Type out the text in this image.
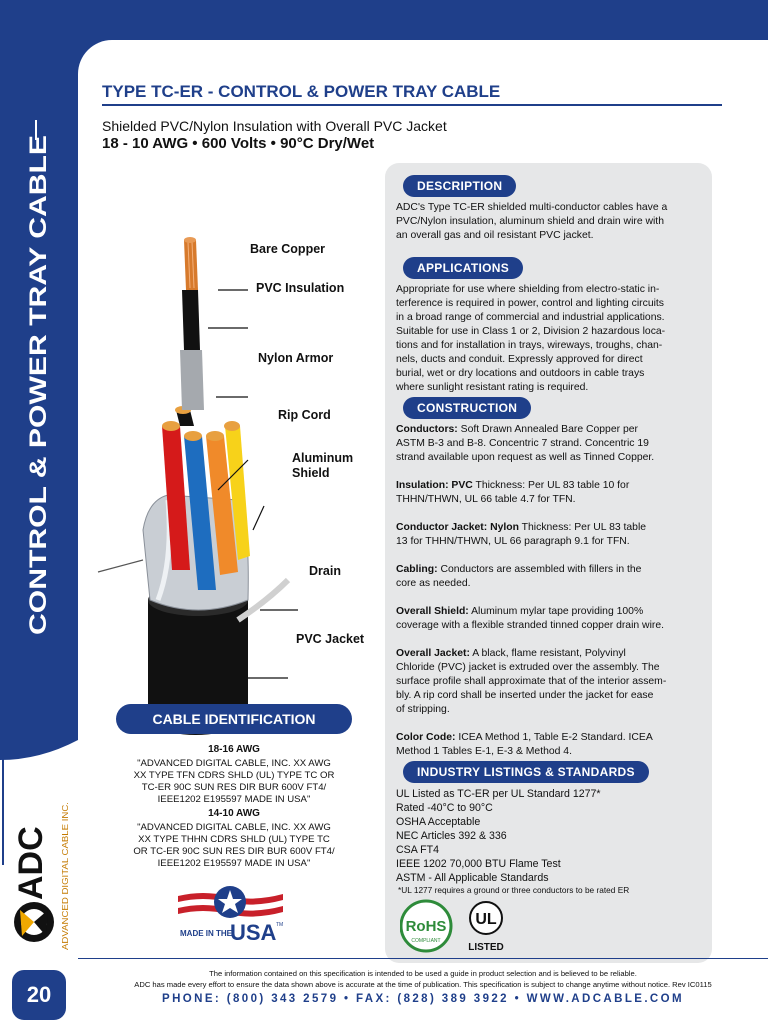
CONTROL & POWER TRAY CABLE
ADC ADVANCED DIGITAL CABLE INC.
20
TYPE TC-ER - CONTROL & POWER TRAY CABLE
Shielded PVC/Nylon Insulation with Overall PVC Jacket
18 - 10 AWG • 600 Volts • 90°C Dry/Wet
Bare Copper
PVC Insulation
Nylon Armor
Rip Cord
Aluminum
Shield
Drain
PVC Jacket
CABLE IDENTIFICATION
18-16 AWG
"ADVANCED DIGITAL CABLE, INC. XX AWG
XX TYPE TFN CDRS SHLD (UL) TYPE TC OR
TC-ER 90C SUN RES DIR BUR 600V FT4/
IEEE1202 E195597 MADE IN USA"
14-10 AWG
"ADVANCED DIGITAL CABLE, INC. XX AWG
XX TYPE THHN CDRS SHLD (UL) TYPE TC
OR TC-ER 90C SUN RES DIR BUR 600V FT4/
IEEE1202 E195597 MADE IN USA"
MADE IN THE
USA TM
DESCRIPTION
ADC's Type TC-ER shielded multi-conductor cables have a
PVC/Nylon insulation, aluminum shield and drain wire with
an overall gas and oil resistant PVC jacket.
APPLICATIONS
Appropriate for use where shielding from electro-static in-
terference is required in power, control and lighting circuits
in a broad range of commercial and industrial applications.
Suitable for use in Class 1 or 2, Division 2 hazardous loca-
tions and for installation in trays, wireways, troughs, chan-
nels, ducts and conduit. Expressly approved for direct
burial, wet or dry locations and outdoors in cable trays
where sunlight resistant rating is required.
CONSTRUCTION
Conductors: Soft Drawn Annealed Bare Copper per
ASTM B-3 and B-8. Concentric 7 strand. Concentric 19
strand available upon request as well as Tinned Copper.
Insulation: PVC Thickness: Per UL 83 table 10 for
THHN/THWN, UL 66 table 4.7 for TFN.
Conductor Jacket: Nylon Thickness: Per UL 83 table
13 for THHN/THWN, UL 66 paragraph 9.1 for TFN.
Cabling: Conductors are assembled with fillers in the
core as needed.
Overall Shield: Aluminum mylar tape providing 100%
coverage with a flexible stranded tinned copper drain wire.
Overall Jacket: A black, flame resistant, Polyvinyl
Chloride (PVC) jacket is extruded over the assembly. The
surface profile shall approximate that of the interior assem-
bly. A rip cord shall be inserted under the jacket for ease
of stripping.
Color Code: ICEA Method 1, Table E-2 Standard. ICEA
Method 1 Tables E-1, E-3 & Method 4.
INDUSTRY LISTINGS & STANDARDS
UL Listed as TC-ER per UL Standard 1277*
Rated -40°C to 90°C
OSHA Acceptable
NEC Articles 392 & 336
CSA FT4
IEEE 1202 70,000 BTU Flame Test
ASTM - All Applicable Standards
*UL 1277 requires a ground or three conductors to be rated ER
RoHS
COMPLIANT
UL
LISTED
The information contained on this specification is intended to be used a guide in product selection and is believed to be reliable.
ADC has made every effort to ensure the data shown above is accurate at the time of publication. This specification is subject to change anytime without notice. Rev IC0115
PHONE: (800) 343 2579 • FAX: (828) 389 3922 • WWW.ADCABLE.COM
